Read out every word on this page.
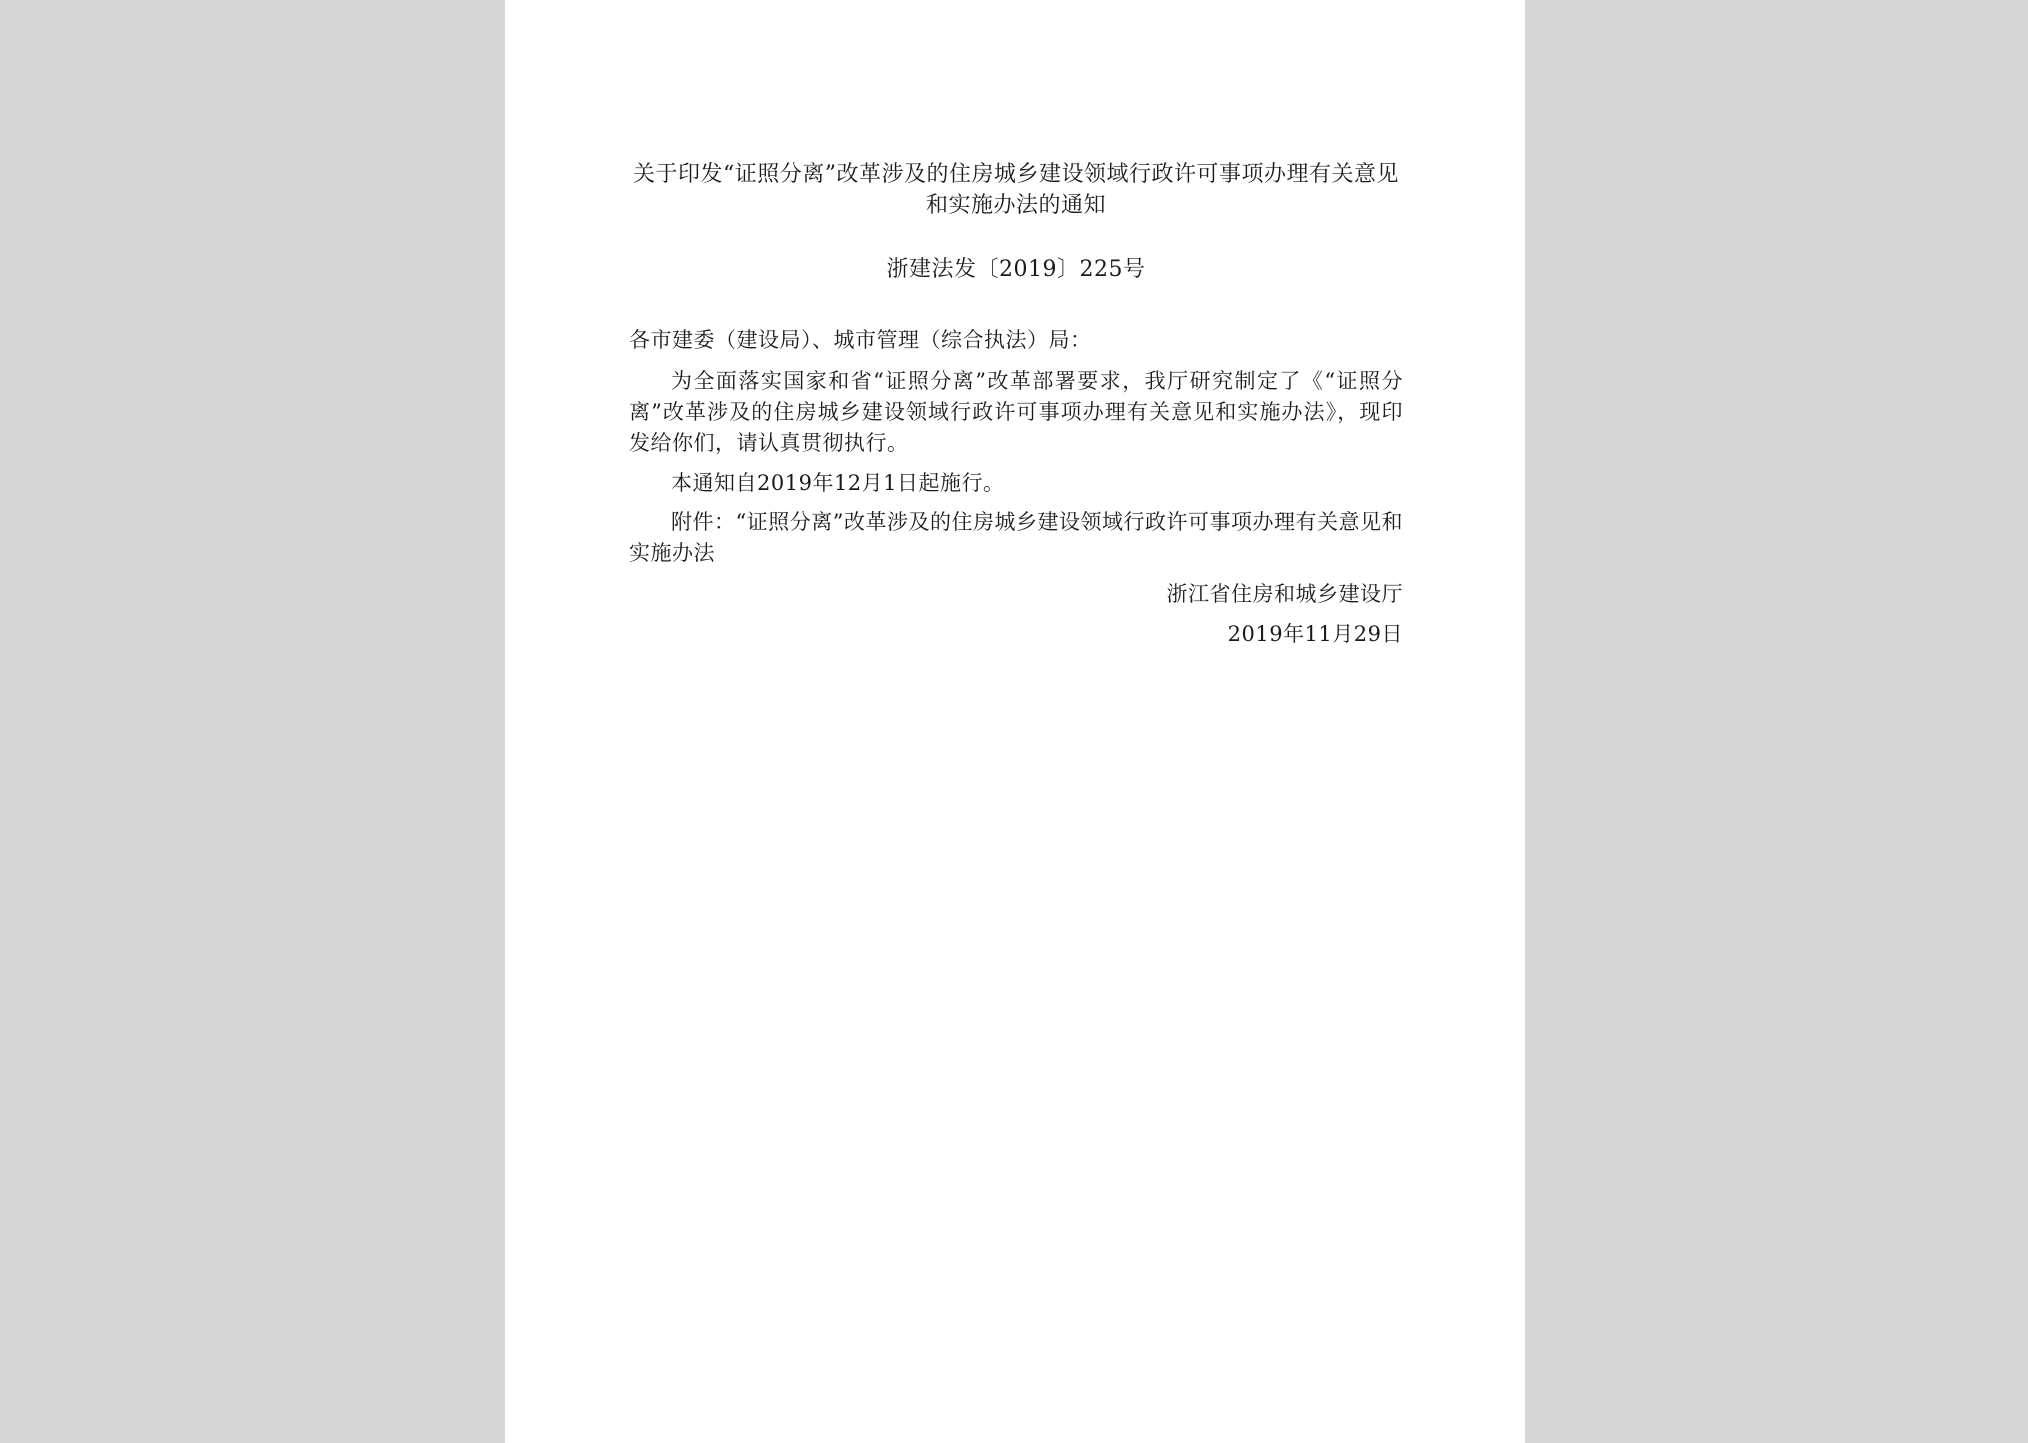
关于印发“证照分离”改革涉及的住房城乡建设领域行政许可事项办理有关意见和实施办法的通知
浙建法发〔2019〕225号
各市建委（建设局）、城市管理（综合执法）局：
为全面落实国家和省“证照分离”改革部署要求，我厅研究制定了《“证照分离”改革涉及的住房城乡建设领域行政许可事项办理有关意见和实施办法》，现印发给你们，请认真贯彻执行。
本通知自2019年12月1日起施行。
附件：“证照分离”改革涉及的住房城乡建设领域行政许可事项办理有关意见和实施办法
浙江省住房和城乡建设厅
2019年11月29日
